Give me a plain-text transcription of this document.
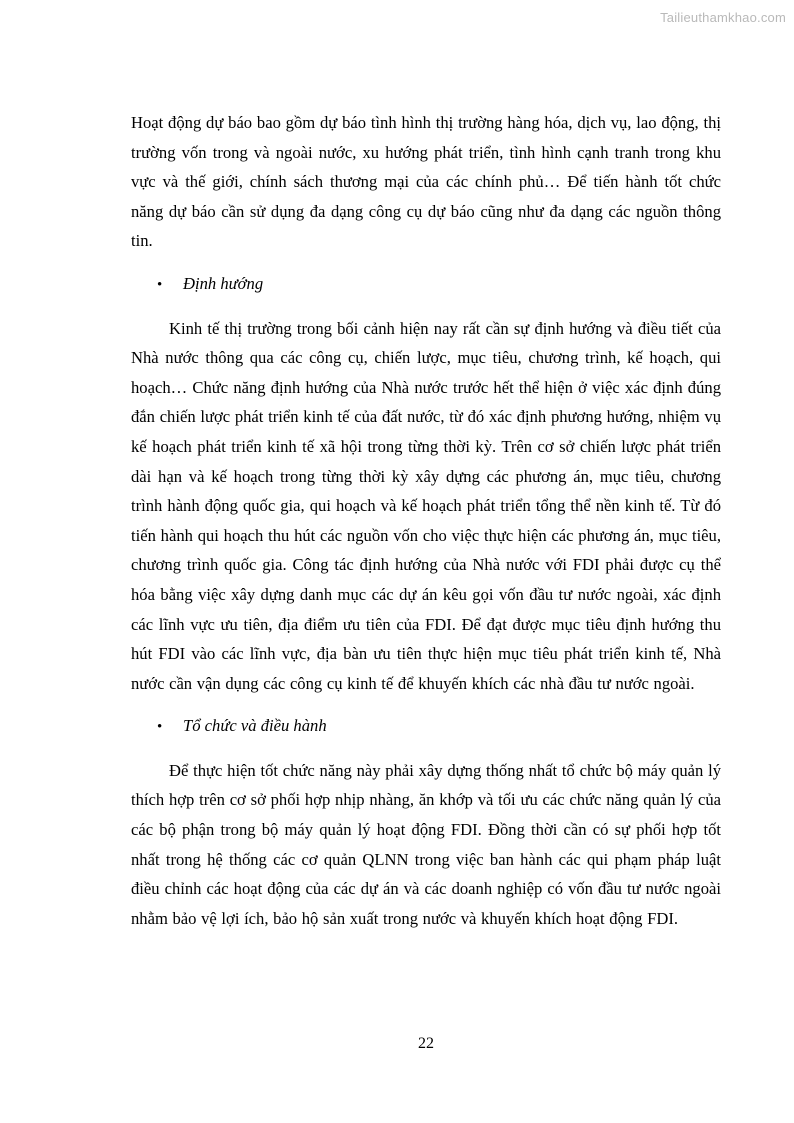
Tailieuthamkhao.com

Hoạt động dự báo bao gồm dự báo tình hình thị trường hàng hóa, dịch vụ, lao động, thị trường vốn trong và ngoài nước, xu hướng phát triển, tình hình cạnh tranh trong khu vực và thế giới, chính sách thương mại của các chính phủ… Để tiến hành tốt chức năng dự báo cần sử dụng đa dạng công cụ dự báo cũng như đa dạng các nguồn thông tin.

•	Định hướng

Kinh tế thị trường trong bối cảnh hiện nay rất cần sự định hướng và điều tiết của Nhà nước thông qua các công cụ, chiến lược, mục tiêu, chương trình, kế hoạch, qui hoạch… Chức năng định hướng của Nhà nước trước hết thể hiện ở việc xác định đúng đắn chiến lược phát triển kinh tế của đất nước, từ đó xác định phương hướng, nhiệm vụ kế hoạch phát triển kinh tế xã hội trong từng thời kỳ. Trên cơ sở chiến lược phát triển dài hạn và kế hoạch trong từng thời kỳ xây dựng các phương án, mục tiêu, chương trình hành động quốc gia, qui hoạch và kế hoạch phát triển tổng thể nền kinh tế. Từ đó tiến hành qui hoạch thu hút các nguồn vốn cho việc thực hiện các phương án, mục tiêu, chương trình quốc gia. Công tác định hướng của Nhà nước với FDI phải được cụ thể hóa bằng việc xây dựng danh mục các dự án kêu gọi vốn đầu tư nước ngoài, xác định các lĩnh vực ưu tiên, địa điểm ưu tiên của FDI. Để đạt được mục tiêu định hướng thu hút FDI vào các lĩnh vực, địa bàn ưu tiên thực hiện mục tiêu phát triển kinh tế, Nhà nước cần vận dụng các công cụ kinh tế để khuyến khích các nhà đầu tư nước ngoài.

•	Tổ chức và điều hành

Để thực hiện tốt chức năng này phải xây dựng thống nhất tổ chức bộ máy quản lý thích hợp trên cơ sở phối hợp nhịp nhàng, ăn khớp và tối ưu các chức năng quản lý của các bộ phận trong bộ máy quản lý hoạt động FDI. Đồng thời cần có sự phối hợp tốt nhất trong hệ thống các cơ quản QLNN trong việc ban hành các qui phạm pháp luật điều chỉnh các hoạt động của các dự án và các doanh nghiệp có vốn đầu tư nước ngoài nhằm bảo vệ lợi ích, bảo hộ sản xuất trong nước và khuyến khích hoạt động FDI.

22
